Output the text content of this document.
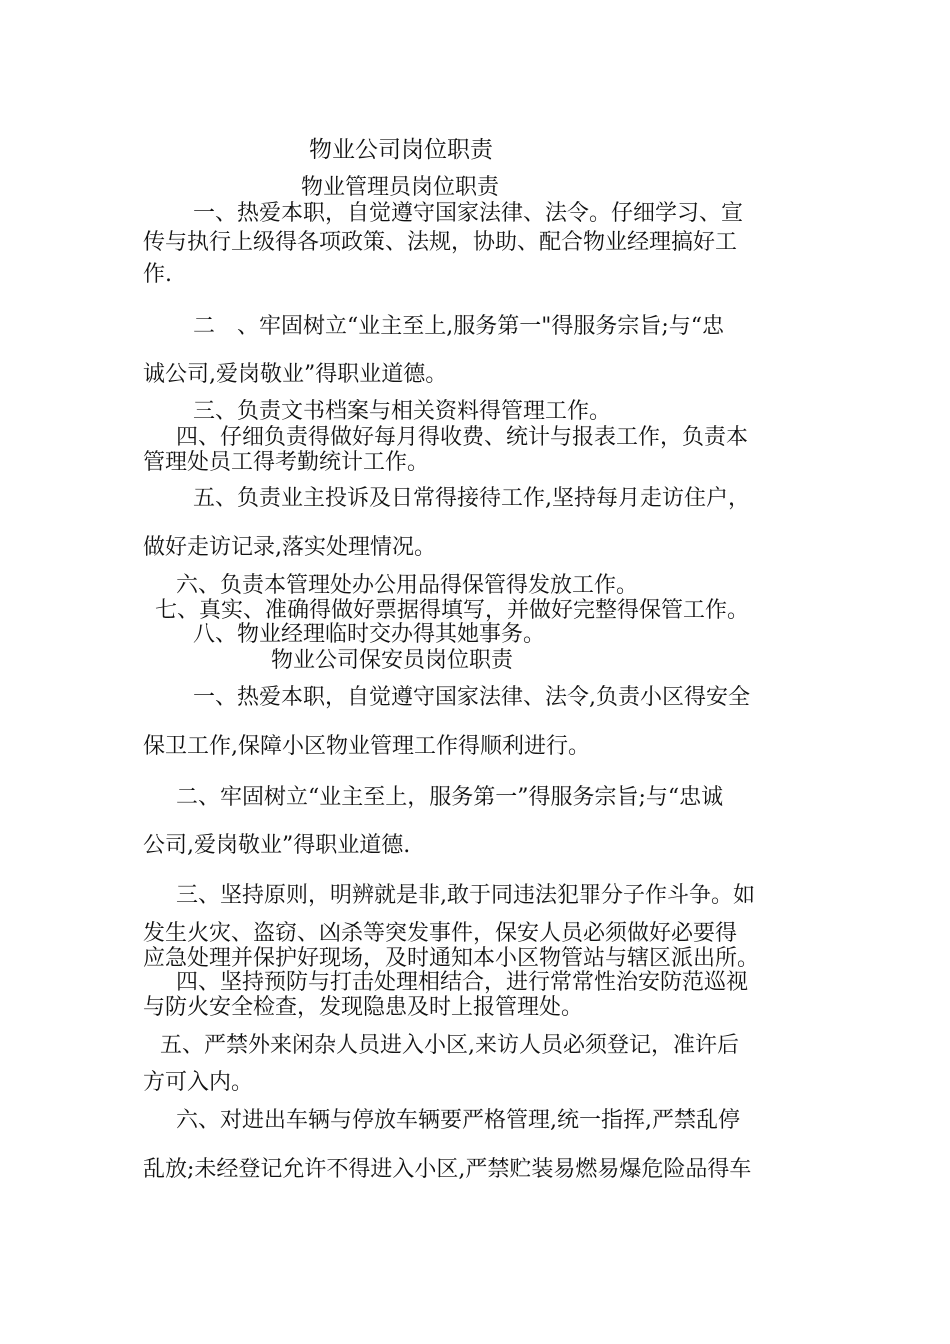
物业公司岗位职责
物业管理员岗位职责
一、热爱本职，自觉遵守国家法律、法令。仔细学习、宣
传与执行上级得各项政策、法规，协助、配合物业经理搞好工
作.
二　、牢固树立“业主至上,服务第一"得服务宗旨;与“忠
诚公司,爱岗敬业”得职业道德。
三、负责文书档案与相关资料得管理工作。
四、仔细负责得做好每月得收费、统计与报表工作，负责本
管理处员工得考勤统计工作。
五、负责业主投诉及日常得接待工作,坚持每月走访住户，
做好走访记录,落实处理情况。
六、负责本管理处办公用品得保管得发放工作。
七、真实、准确得做好票据得填写，并做好完整得保管工作。
八、物业经理临时交办得其她事务。
物业公司保安员岗位职责
一、热爱本职，自觉遵守国家法律、法令,负责小区得安全
保卫工作,保障小区物业管理工作得顺利进行。
二、牢固树立“业主至上，服务第一”得服务宗旨;与“忠诚
公司,爱岗敬业”得职业道德.
三、坚持原则，明辨就是非,敢于同违法犯罪分子作斗争。如
发生火灾、盗窃、凶杀等突发事件，保安人员必须做好必要得
应急处理并保护好现场，及时通知本小区物管站与辖区派出所。
四、坚持预防与打击处理相结合，进行常常性治安防范巡视
与防火安全检查，发现隐患及时上报管理处。
五、严禁外来闲杂人员进入小区,来访人员必须登记，准许后
方可入内。
六、对进出车辆与停放车辆要严格管理,统一指挥,严禁乱停
乱放;未经登记允许不得进入小区,严禁贮装易燃易爆危险品得车
